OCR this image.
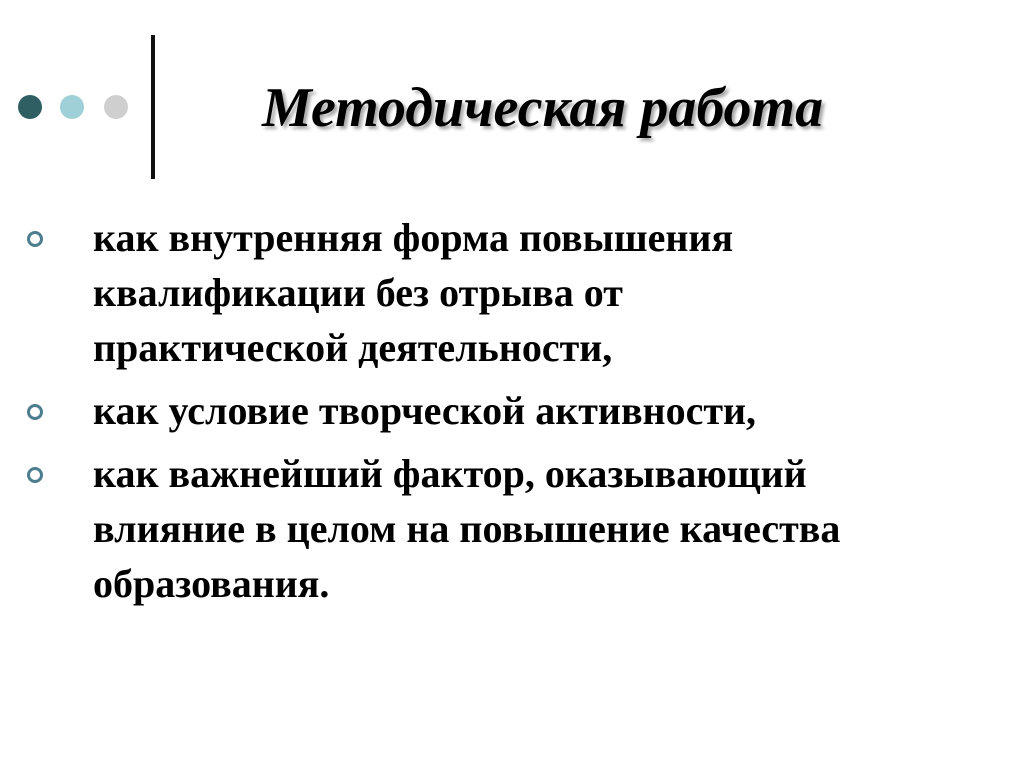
Методическая работа
как внутренняя форма повышения
квалификации без отрыва от
практической деятельности,
как условие творческой активности,
как важнейший фактор, оказывающий
влияние в целом на повышение качества
образования.
